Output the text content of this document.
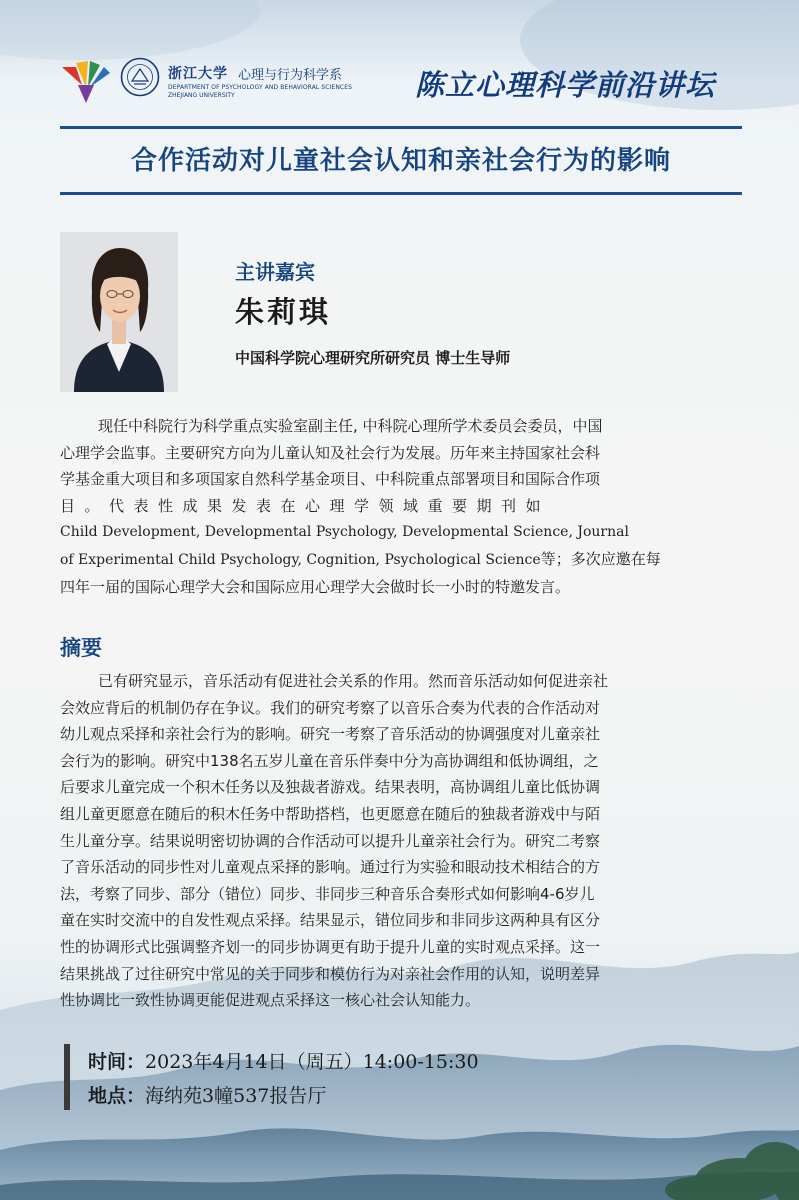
浙江大学 心理与行为科学系
DEPARTMENT OF PSYCHOLOGY AND BEHAVIORAL SCIENCES
ZHEJIANG UNIVERSITY	陈立心理科学前沿讲坛
合作活动对儿童社会认知和亲社会行为的影响
主讲嘉宾
朱莉琪
中国科学院心理研究所研究员 博士生导师

现任中科院行为科学重点实验室副主任, 中科院心理所学术委员会委员，中国

心理学会监事。主要研究方向为儿童认知及社会行为发展。历年来主持国家社会科

学基金重大项目和多项国家自然科学基金项目、中科院重点部署项目和国际合作项

目。代表性成果发表在心理学领域重要期刊如

Child Development, Developmental Psychology, Developmental Science, Journal

of Experimental Child Psychology, Cognition, Psychological Science等；多次应邀在每

四年一届的国际心理学大会和国际应用心理学大会做时长一小时的特邀发言。

摘要

已有研究显示，音乐活动有促进社会关系的作用。然而音乐活动如何促进亲社

会效应背后的机制仍存在争议。我们的研究考察了以音乐合奏为代表的合作活动对

幼儿观点采择和亲社会行为的影响。研究一考察了音乐活动的协调强度对儿童亲社

会行为的影响。研究中138名五岁儿童在音乐伴奏中分为高协调组和低协调组，之

后要求儿童完成一个积木任务以及独裁者游戏。结果表明，高协调组儿童比低协调

组儿童更愿意在随后的积木任务中帮助搭档，也更愿意在随后的独裁者游戏中与陌

生儿童分享。结果说明密切协调的合作活动可以提升儿童亲社会行为。研究二考察

了音乐活动的同步性对儿童观点采择的影响。通过行为实验和眼动技术相结合的方

法，考察了同步、部分（错位）同步、非同步三种音乐合奏形式如何影响4-6岁儿

童在实时交流中的自发性观点采择。结果显示，错位同步和非同步这两种具有区分

性的协调形式比强调整齐划一的同步协调更有助于提升儿童的实时观点采择。这一

结果挑战了过往研究中常见的关于同步和模仿行为对亲社会作用的认知，说明差异

性协调比一致性协调更能促进观点采择这一核心社会认知能力。

时间：2023年4月14日（周五）14:00-15:30
地点：海纳苑3幢537报告厅
